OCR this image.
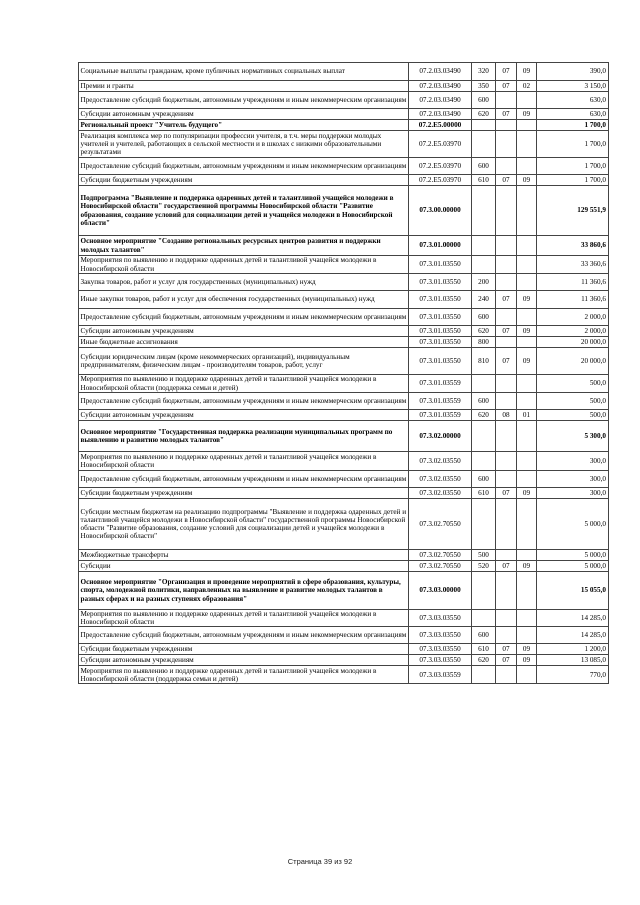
Социальные выплаты гражданам, кроме публичных нормативных социальных выплат	07.2.03.03490	320	07	09	390,0
Премии и гранты	07.2.03.03490	350	07	02	3 150,0
Предоставление субсидий бюджетным, автономным учреждениям и иным некоммерческим организациям	07.2.03.03490	600			630,0
Субсидии автономным учреждениям	07.2.03.03490	620	07	09	630,0
Региональный проект "Учитель будущего"	07.2.E5.00000				1 700,0
Реализация комплекса мер по популяризации профессии учителя, в т.ч. меры поддержки молодых учителей и учителей, работающих в сельской местности и в школах с низкими образовательными результатами	07.2.E5.03970				1 700,0
Предоставление субсидий бюджетным, автономным учреждениям и иным некоммерческим организациям	07.2.E5.03970	600			1 700,0
Субсидии бюджетным учреждениям	07.2.E5.03970	610	07	09	1 700,0
Подпрограмма "Выявление и поддержка одаренных детей и талантливой учащейся молодежи в Новосибирской области" государственной программы Новосибирской области "Развитие образования, создание условий для социализации детей и учащейся молодежи в Новосибирской области"	07.3.00.00000				129 551,9
Основное мероприятие "Создание региональных ресурсных центров развития и поддержки молодых талантов"	07.3.01.00000				33 860,6
Мероприятия по выявлению и поддержке одаренных детей и талантливой учащейся молодежи в Новосибирской области	07.3.01.03550				33 360,6
Закупка товаров, работ и услуг для государственных (муниципальных) нужд	07.3.01.03550	200			11 360,6
Иные закупки товаров, работ и услуг для обеспечения государственных (муниципальных) нужд	07.3.01.03550	240	07	09	11 360,6
Предоставление субсидий бюджетным, автономным учреждениям и иным некоммерческим организациям	07.3.01.03550	600			2 000,0
Субсидии автономным учреждениям	07.3.01.03550	620	07	09	2 000,0
Иные бюджетные ассигнования	07.3.01.03550	800			20 000,0
Субсидии юридическим лицам (кроме некоммерческих организаций), индивидуальным предпринимателям, физическим лицам - производителям товаров, работ, услуг	07.3.01.03550	810	07	09	20 000,0
Мероприятия по выявлению и поддержке одаренных детей и талантливой учащейся молодежи в Новосибирской области (поддержка семьи и детей)	07.3.01.03559				500,0
Предоставление субсидий бюджетным, автономным учреждениям и иным некоммерческим организациям	07.3.01.03559	600			500,0
Субсидии автономным учреждениям	07.3.01.03559	620	08	01	500,0
Основное мероприятие "Государственная поддержка реализации муниципальных программ по выявлению и развитию молодых талантов"	07.3.02.00000				5 300,0
Мероприятия по выявлению и поддержке одаренных детей и талантливой учащейся молодежи в Новосибирской области	07.3.02.03550				300,0
Предоставление субсидий бюджетным, автономным учреждениям и иным некоммерческим организациям	07.3.02.03550	600			300,0
Субсидии бюджетным учреждениям	07.3.02.03550	610	07	09	300,0
Субсидии местным бюджетам на реализацию подпрограммы "Выявление и поддержка одаренных детей и талантливой учащейся молодежи в Новосибирской области" государственной программы Новосибирской области "Развитие образования, создание условий для социализации детей и учащейся молодежи в Новосибирской области"	07.3.02.70550				5 000,0
Межбюджетные трансферты	07.3.02.70550	500			5 000,0
Субсидии	07.3.02.70550	520	07	09	5 000,0
Основное мероприятие "Организация и проведение мероприятий в сфере образования, культуры, спорта, молодежной политики, направленных на выявление и развитие молодых талантов в разных сферах и на разных ступенях образования"	07.3.03.00000				15 055,0
Мероприятия по выявлению и поддержке одаренных детей и талантливой учащейся молодежи в Новосибирской области	07.3.03.03550				14 285,0
Предоставление субсидий бюджетным, автономным учреждениям и иным некоммерческим организациям	07.3.03.03550	600			14 285,0
Субсидии бюджетным учреждениям	07.3.03.03550	610	07	09	1 200,0
Субсидии автономным учреждениям	07.3.03.03550	620	07	09	13 085,0
Мероприятия по выявлению и поддержке одаренных детей и талантливой учащейся молодежи в Новосибирской области (поддержка семьи и детей)	07.3.03.03559				770,0
Страница 39 из 92
